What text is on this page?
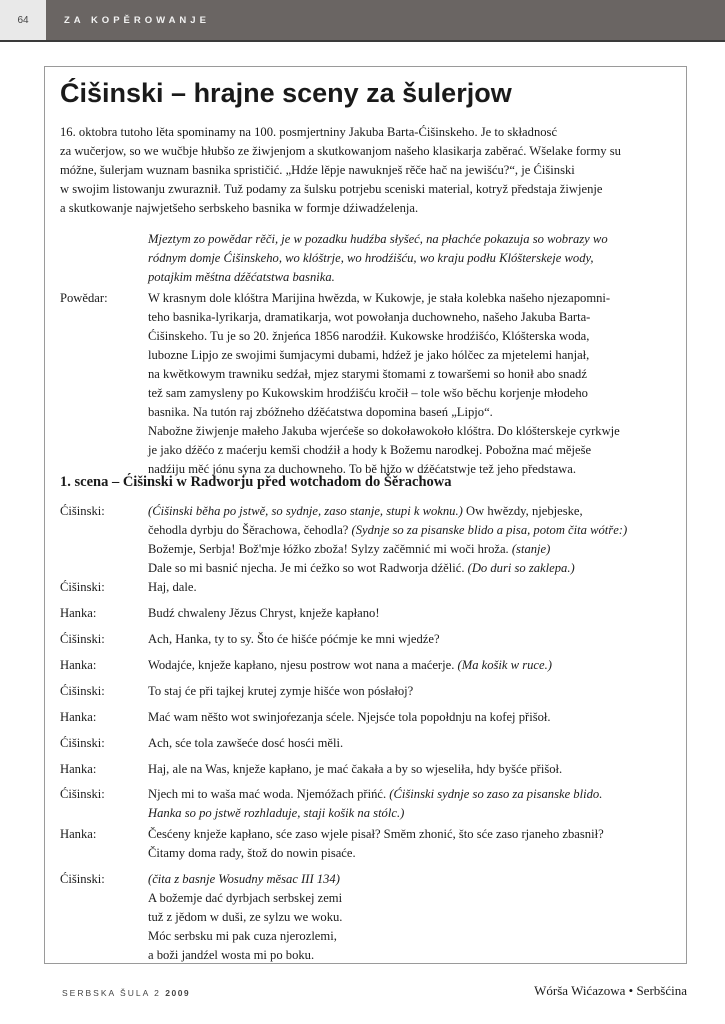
64	ZA KOPĚROWANJE
Ćišinski – hrajne sceny za šulerjow
16. oktobra tutoho lěta spominamy na 100. posmjertniny Jakuba Barta-Ćišinskeho. Je to składnosć
za wučerjow, so we wučbje hłubšo ze žiwjenjom a skutkowanjom našeho klasikarja zaběrać. Wšelake formy su
móžne, šulerjam wuznam basnika sprističić. „Hdźe lěpje nawuknješ rěče hač na jewišću?“, je Ćišinski
w swojim listowanju zwuraznił. Tuž podamy za šulsku potrjebu sceniski material, kotryž předstaja žiwjenje
a skutkowanje najwjetšeho serbskeho basnika w formje dźiwadźelenja.
Mjeztym zo powědar rěči, je w pozadku hudźba słyšeć, na płachće pokazuja so wobrazy wo
ródnym domje Ćišinskeho, wo klóštrje, wo hrodźišću, wo kraju podłu Klóšterskeje wody,
potajkim měśtna dźěćatstwa basnika.
Powědar:	W krasnym dole klóštra Marijina hwězda, w Kukowje, je stała kolebka našeho njezapomni-
teho basnika-lyrikarja, dramatikarja, wot powołanja duchowneho, našeho Jakuba Barta-
Ćišinskeho. Tu je so 20. žnjeńca 1856 narodźił. Kukowske hrodźišćo, Klóšterska woda,
lubozne Lipjo ze swojimi šumjacymi dubami, hdźež je jako hólčec za mjetelemi hanjał,
na kwětkowym trawniku sedźał, mjez starymi štomami z towaršemi so honił abo snadź
tež sam zamysleny po Kukowskim hrodźišću kročił – tole wšo běchu korjenje młodeho
basnika. Na tutón raj zbóžneho dźěćatstwa dopomina baseń „Lipjo“.
Nabožne žiwjenje małeho Jakuba wjerćeše so dokoławokoło klóštra. Do klóšterskeje cyrkwje
je jako dźěćo z maćerju kemši chodźił a hody k Božemu narodkej. Pobožna mać měješe
nadźiju měć jónu syna za duchowneho. To bě hižo w dźěćatstwje tež jeho předstawa.
1. scena – Ćišinski w Radworju před wotchadom do Šěrachowa
Ćišinski:	(Ćišinski běha po jstwě, so sydnje, zaso stanje, stupi k woknu.) Ow hwězdy, njebjeske,
čehodla dyrbju do Šěrachowa, čehodla? (Sydnje so za pisanske blido a pisa, potom čita wótře:)
Božemje, Serbja! Bož'mje łóžko zboža! Sylzy začěmnić mi woči hroža. (stanje)
Dale so mi basnić njecha. Je mi ćežko so wot Radworja dźělić. (Do duri so zaklepa.)
Ćišinski:	Haj, dale.
Hanka:	Budź chwaleny Jězus Chryst, knježe kapłano!
Ćišinski:	Ach, Hanka, ty to sy. Što će hišće póćmje ke mni wjedźe?
Hanka:	Wodajće, knježe kapłano, njesu postrow wot nana a maćerje. (Ma košik w ruce.)
Ćišinski:	To staj će při tajkej krutej zymje hišće won pósłałoj?
Hanka:	Mać wam něšto wot swinjoŕezanja sćele. Njejsće tola popołdnju na kofej přišoł.
Ćišinski:	Ach, sće tola zawšeće dosć hosći měli.
Hanka:	Haj, ale na Was, knježe kapłano, je mać čakała a by so wjeseliła, hdy byšće přišoł.
Ćišinski:	Njech mi to waša mać woda. Njemóžach přińć. (Ćišinski sydnje so zaso za pisanske blido.
Hanka so po jstwě rozhladuje, staji košik na stólc.)
Hanka:	Česćeny knježe kapłano, sće zaso wjele pisał? Směm zhonić, što sće zaso rjaneho zbasnił?
Čitamy doma rady, štož do nowin pisaće.
Ćišinski:	(čita z basnje Wosudny měsac III 134)
A božemje dać dyrbjach serbskej zemi
tuž z jědom w duši, ze sylzu we woku.
Móc serbsku mi pak cuza njerozlemi,
a boži jandźel wosta mi po boku.
SERBSKA ŠULA 2 2009	Wórša Wićazowa • Serbšćina
